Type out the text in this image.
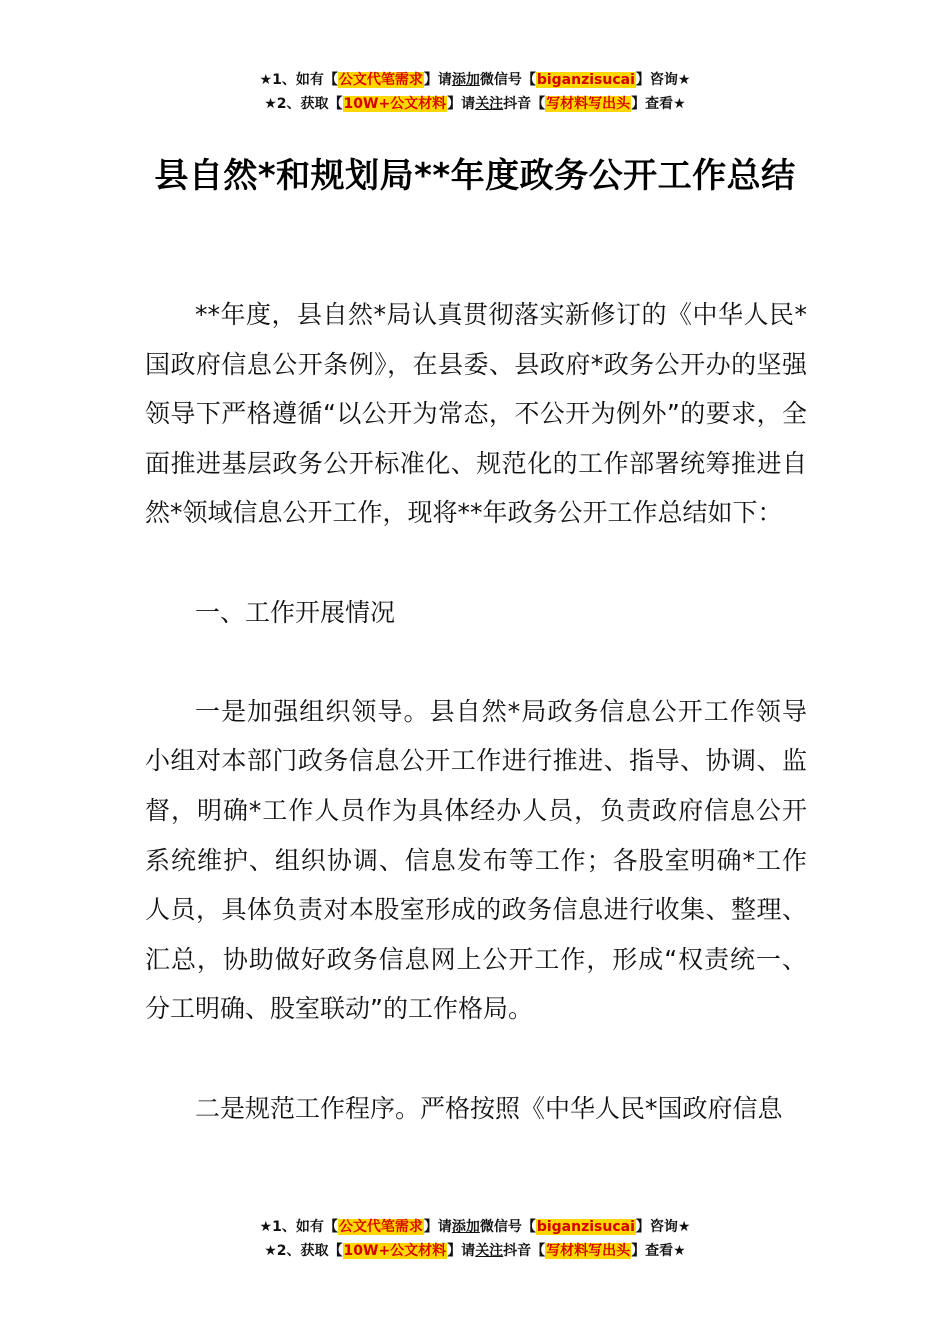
★1、如有【公文代笔需求】请添加微信号【biganzisucai】咨询★
★2、获取【10W+公文材料】请关注抖音【写材料写出头】查看★
县自然*和规划局**年度政务公开工作总结

**年度，县自然*局认真贯彻落实新修订的《中华人民*国政府信息公开条例》，在县委、县政府*政务公开办的坚强领导下严格遵循“以公开为常态，不公开为例外”的要求，全面推进基层政务公开标准化、规范化的工作部署统筹推进自然*领域信息公开工作，现将**年政务公开工作总结如下：

一、工作开展情况

一是加强组织领导。县自然*局政务信息公开工作领导小组对本部门政务信息公开工作进行推进、指导、协调、监督，明确*工作人员作为具体经办人员，负责政府信息公开系统维护、组织协调、信息发布等工作；各股室明确*工作人员，具体负责对本股室形成的政务信息进行收集、整理、汇总，协助做好政务信息网上公开工作，形成“权责统一、分工明确、股室联动”的工作格局。

二是规范工作程序。严格按照《中华人民*国政府信息

★1、如有【公文代笔需求】请添加微信号【biganzisucai】咨询★
★2、获取【10W+公文材料】请关注抖音【写材料写出头】查看★
